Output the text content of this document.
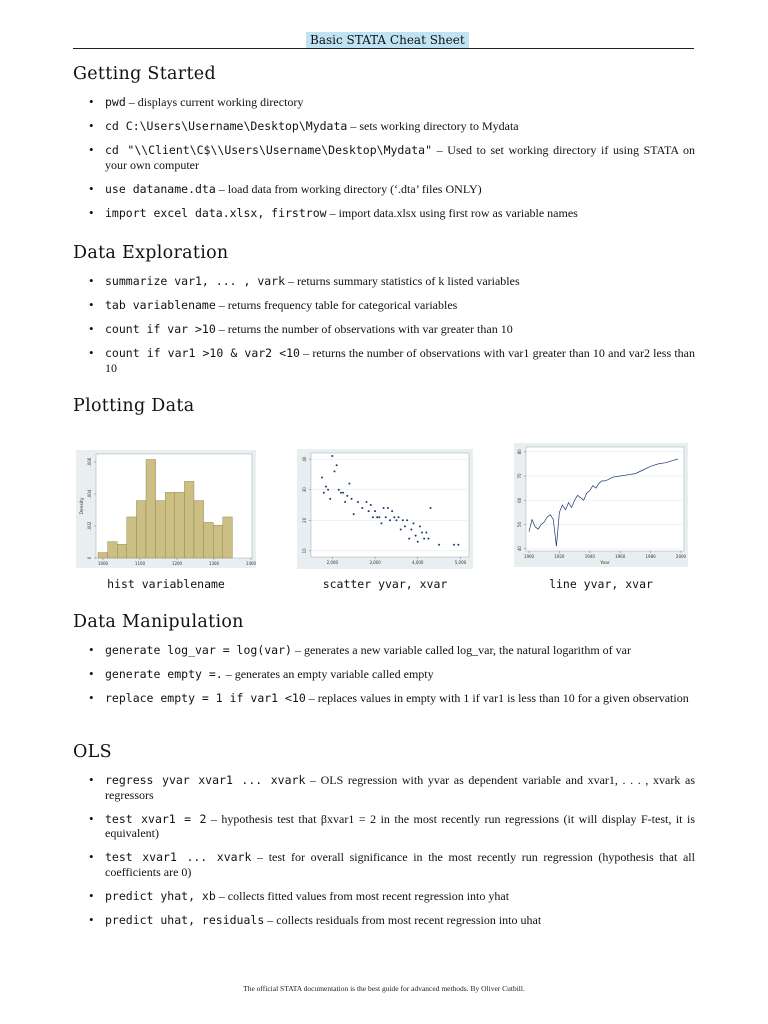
Basic STATA Cheat Sheet
Getting Started
• pwd – displays current working directory
• cd C:\Users\Username\Desktop\Mydata – sets working directory to Mydata
• cd "\\Client\C$\\Users\Username\Desktop\Mydata" – Used to set working directory if using STATA on your own computer
• use dataname.dta – load data from working directory (‘.dta’ files ONLY)
• import excel data.xlsx, firstrow – import data.xlsx using first row as variable names
Data Exploration
• summarize var1, ... , vark – returns summary statistics of k listed variables
• tab variablename – returns frequency table for categorical variables
• count if var >10 – returns the number of observations with var greater than 10
• count if var1 >10 & var2 <10 – returns the number of observations with var1 greater than 10 and var2 less than 10
Plotting Data
0
.002
.004
.006
Density
1000	1100	1200	1300	1400
10
20
30
40
2,000	3,000	4,000	5,000
40
50
60
70
80
1900	1920	1940	1960	1980	2000
Year
hist variablename	scatter yvar, xvar	line yvar, xvar
Data Manipulation
• generate log_var = log(var) – generates a new variable called log_var, the natural logarithm of var
• generate empty =. – generates an empty variable called empty
• replace empty = 1 if var1 <10 – replaces values in empty with 1 if var1 is less than 10 for a given observation
OLS
• regress yvar xvar1 ... xvark – OLS regression with yvar as dependent variable and xvar1, . . . , xvark as regressors
• test xvar1 = 2 – hypothesis test that βxvar1 = 2 in the most recently run regressions (it will display F-test, it is equivalent)
• test xvar1 ... xvark – test for overall significance in the most recently run regression (hypothesis that all coefficients are 0)
• predict yhat, xb – collects fitted values from most recent regression into yhat
• predict uhat, residuals – collects residuals from most recent regression into uhat
The official STATA documentation is the best guide for advanced methods. By Oliver Cutbill.
